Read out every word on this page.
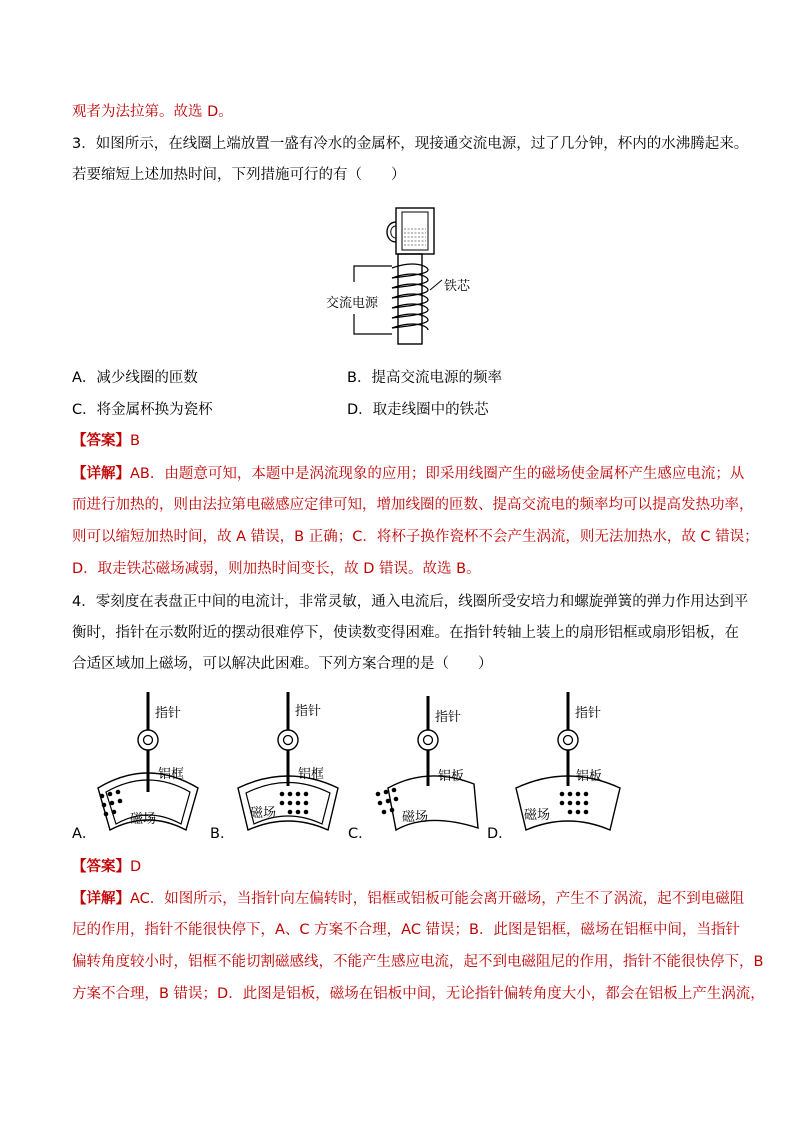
观者为法拉第。故选 D。
3．如图所示，在线圈上端放置一盛有冷水的金属杯，现接通交流电源，过了几分钟，杯内的水沸腾起来。
若要缩短上述加热时间，下列措施可行的有（　　）
交流电源
铁芯
A．减少线圈的匝数	B．提高交流电源的频率
C．将金属杯换为瓷杯	D．取走线圈中的铁芯
【答案】B
【详解】AB．由题意可知，本题中是涡流现象的应用；即采用线圈产生的磁场使金属杯产生感应电流；从
而进行加热的，则由法拉第电磁感应定律可知，增加线圈的匝数、提高交流电的频率均可以提高发热功率，
则可以缩短加热时间，故 A 错误，B 正确；C．将杯子换作瓷杯不会产生涡流，则无法加热水，故 C 错误；
D．取走铁芯磁场减弱，则加热时间变长，故 D 错误。故选 B。
4．零刻度在表盘正中间的电流计，非常灵敏，通入电流后，线圈所受安培力和螺旋弹簧的弹力作用达到平
衡时，指针在示数附近的摆动很难停下，使读数变得困难。在指针转轴上装上的扇形铝框或扇形铝板，在
合适区域加上磁场，可以解决此困难。下列方案合理的是（　　）
指针
铝框
磁场
A．
指针
铝框
磁场
B．
指针
铝板
磁场
C．
指针
铝板
磁场
D．
【答案】D
【详解】AC．如图所示，当指针向左偏转时，铝框或铝板可能会离开磁场，产生不了涡流，起不到电磁阻
尼的作用，指针不能很快停下，A、C 方案不合理，AC 错误；B．此图是铝框，磁场在铝框中间，当指针
偏转角度较小时，铝框不能切割磁感线，不能产生感应电流，起不到电磁阻尼的作用，指针不能很快停下，B
方案不合理，B 错误；D．此图是铝板，磁场在铝板中间，无论指针偏转角度大小，都会在铝板上产生涡流，
